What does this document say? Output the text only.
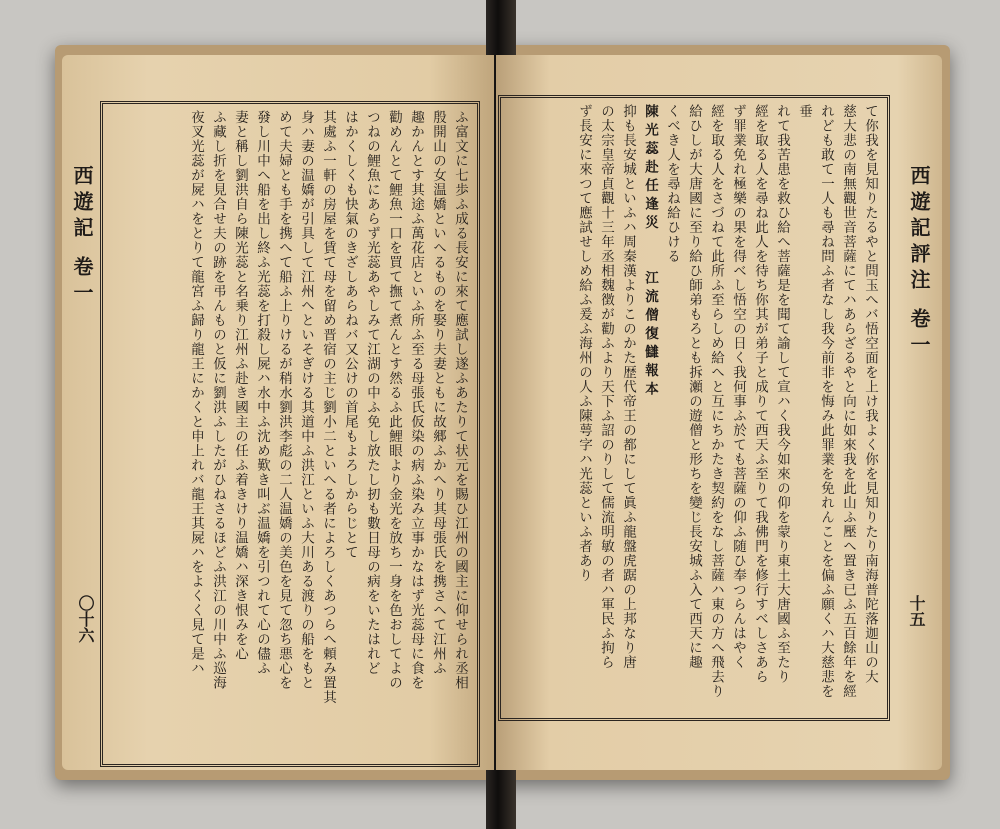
西遊記 卷一
〇十六	ふ富文に七歩ふ成る長安に來て應試し遂ふあたりて状元を賜ひ江州の國主に仰せられ丞相

殷開山の女温嬌といへるものを娶り夫妻ともに故郷ふかへり其母張氏を携さへて江州ふ

趣かんとす其途ふ萬花店といふ所ふ至る母張氏仮染の病ふ染み立事かなはず光蕊母に食を

勸めんとて鯉魚一口を買て撫て煮んとす然るふ此鯉眼より金光を放ち一身を色おしてよの

つねの鯉魚にあらず光蕊あやしみて江湖の中ふ免し放たし扨も數日母の病をいたはれど

はかくしくも快氣のきざしあらねバ又公けの首尾もよろしからじとて

其處ふ一軒の房屋を賃て母を留め晋宿の主じ劉小二といへる者によろしくあつらへ頼み置其

身ハ妻の温嬌が引具して江州へといそぎける其道中ふ洪江といふ大川ある渡りの船をもと

めて夫婦とも手を携へて船ふ上りけるが稍水劉洪李彪の二人温嬌の美色を見て忽ち悪心を

發し川中へ船を出し終ふ光蕊を打殺し屍ハ水中ふ沈め歎き叫ぶ温嬌を引つれて心の儘ふ

妻と稱し劉洪自ら陳光蕊と名乗り江州ふ赴き國主の任ふ着きけり温嬌ハ深き恨みを心

ふ藏し折を見合せ夫の跡を弔んものと仮に劉洪ふしたがひねさるほどふ洪江の川中ふ巡海

夜叉光蕊が屍ハをとりて龍宮ふ歸り龍王にかくと申上れバ龍王其屍ハをよくく見て是ハ	西遊記評注 卷一
十五

て你我を見知りたるやと問玉へバ悟空面を上け我よく你を見知りたり南海普陀落迦山の大

慈大悲の南無觀世音菩薩にてハあらざるやと向に如來我を此山ふ壓へ置き已ふ五百餘年を經

れども敢て一人も尋ね問ふ者なし我今前非を悔み此罪業を免れんことを偏ふ願くハ大慈悲を垂

れて我苦患を救ひ給へ菩薩是を聞て諭して宣ハく我今如來の仰を蒙り東土大唐國ふ至たり

經を取る人を尋ね此人を待ち你其が弟子と成りて西天ふ至りて我佛門を修行すべしさあら

ず罪業免れ極樂の果を得べし悟空の日く我何事ふ於ても菩薩の仰ふ随ひ奉つらんはやく

經を取る人をさづねて此所ふ至らしめ給へと互にちかたき契約をなし菩薩ハ東の方へ飛去り

給ひしが大唐國に至り給ひ師弟もろとも拆瀬の遊僧と形ちを變じ長安城ふ入て西天に趣

くべき人を尋ね給ひける

陳光蕊赴任逢災　　江流僧復讎報本

抑も長安城といふハ周秦漢よりこのかた歴代帝王の都にして眞ふ龍盤虎踞の上邦なり唐

の太宗皇帝貞觀十三年丞相魏徴が勸ふより天下ふ詔のりして儒流明敏の者ハ軍民ふ拘ら

ず長安に來つて應試せしめ給ふ爰ふ海州の人ふ陳萼字ハ光蕊といふ者あり
